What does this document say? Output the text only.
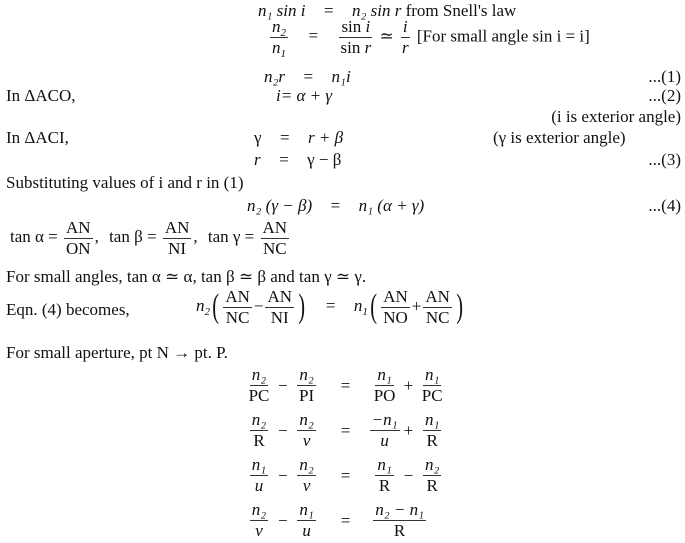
n₁ sin i = n₂ sin r from Snell's law
$\frac{n_2}{n_1} = \frac{\text{sin i}}{\text{sin r}}$ ≃ $\frac{i}{r} [For$ small angle sin i = i]
n₂r = n₁i	...(1)
In ΔACO,	i= α + γ	...(2)
(i is exterior angle)
In ΔACI,	γ = r + β	(γ is exterior angle)
r = γ − β	...(3)
Substituting values of i and r in (1)
n₂ (γ − β) = n₁ (α + γ)	...(4)
$\tan \alpha = \frac{AN}{ON}$ , $\tan \beta = \frac{AN}{NI}$ , $\tan \gamma = \frac{AN}{NC}$
For small angles, tan α ≃ α, tan β ≃ β and tan γ ≃ γ.
Eqn. (4) becomes,	$n_2( \frac{AN}{NC} - \frac{AN}{NI}$ ) = $n_1( \frac{AN}{NO} + \frac{AN}{NC}$ )
For small aperture, pt N → pt. P.
$\frac{\text{n₂}}{PC} - \frac{\text{n₂}}{PI}$	=	$\frac{\text{n₁}}{PO} + \frac{\text{n₁}}{PC}$
$\frac{\text{n₂}}{R} - \frac{\text{n₂}}{v}$	=	$\frac{\text{−n₁}}{u} + \frac{\text{n₁}}{R}$
$\frac{\text{n₁}}{u} - \frac{\text{n₂}}{v}$	=	$\frac{\text{n₁}}{R} - \frac{\text{n₂}}{R}$
$\frac{\text{n₂}}{v} - \frac{\text{n₁}}{u}$	=	$\frac{\text{n₂ − n₁}}{R}$
